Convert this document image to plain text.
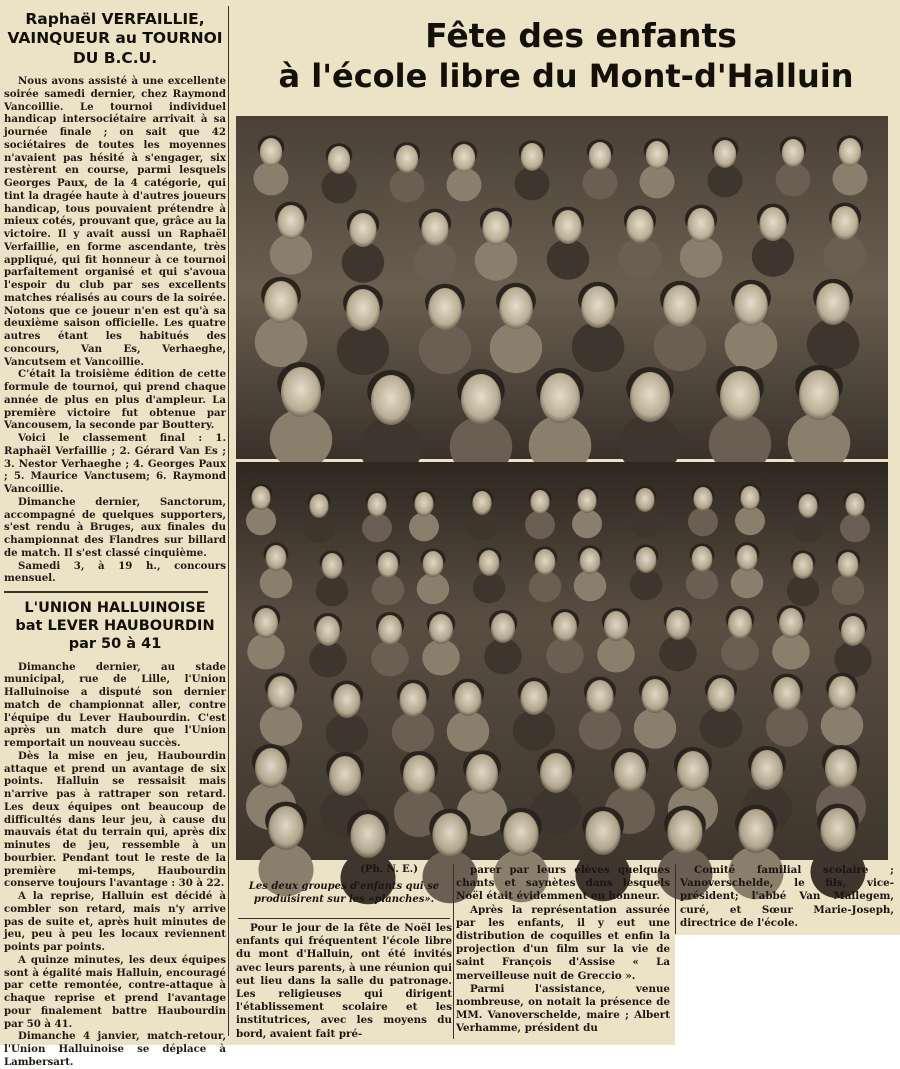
Raphaël VERFAILLIE,
VAINQUEUR au TOURNOI
DU B.C.U.

Nous avons assisté à une excellente soirée samedi dernier, chez Raymond Vancoillie. Le tournoi individuel handicap intersociétaire arrivait à sa journée finale ; on sait que 42 sociétaires de toutes les moyennes n'avaient pas hésité à s'engager, six restèrent en course, parmi lesquels Georges Paux, de la 4 catégorie, qui tint la dragée haute à d'autres joueurs handicap, tous pouvaient prétendre à mieux cotés, prouvant que, grâce au la victoire. Il y avait aussi un Raphaël Verfaillie, en forme ascendante, très appliqué, qui fit honneur à ce tournoi parfaitement organisé et qui s'avoua l'espoir du club par ses excellents matches réalisés au cours de la soirée. Notons que ce joueur n'en est qu'à sa deuxième saison officielle. Les quatre autres étant les habitués des concours, Van Es, Verhaeghe, Vancutsem et Vancoillie.

C'était la troisième édition de cette formule de tournoi, qui prend chaque année de plus en plus d'ampleur. La première victoire fut obtenue par Vancousem, la seconde par Bouttery.

Voici le classement final : 1. Raphaël Verfaillie ; 2. Gérard Van Es ; 3. Nestor Verhaeghe ; 4. Georges Paux ; 5. Maurice Vanctusem; 6. Raymond Vancoillie.

Dimanche dernier, Sanctorum, accompagné de quelques supporters, s'est rendu à Bruges, aux finales du championnat des Flandres sur billard de match. Il s'est classé cinquième.

Samedi 3, à 19 h., concours mensuel.

L'UNION HALLUINOISE
bat LEVER HAUBOURDIN
par 50 à 41

Dimanche dernier, au stade municipal, rue de Lille, l'Union Halluinoise a disputé son dernier match de championnat aller, contre l'équipe du Lever Haubourdin. C'est après un match dure que l'Union remportait un nouveau succès.

Dès la mise en jeu, Haubourdin attaque et prend un avantage de six points. Halluin se ressaisit mais n'arrive pas à rattraper son retard. Les deux équipes ont beaucoup de difficultés dans leur jeu, à cause du mauvais état du terrain qui, après dix minutes de jeu, ressemble à un bourbier. Pendant tout le reste de la première mi-temps, Haubourdin conserve toujours l'avantage : 30 à 22.

A la reprise, Halluin est décidé à combler son retard, mais n'y arrive pas de suite et, après huit minutes de jeu, peu à peu les locaux reviennent points par points.

A quinze minutes, les deux équipes sont à égalité mais Halluin, encouragé par cette remontée, contre-attaque à chaque reprise et prend l'avantage pour finalement battre Haubourdin par 50 à 41.

Dimanche 4 janvier, match-retour, l'Union Halluinoise se déplace à Lambersart.

Fête des enfants
à l'école libre du Mont-d'Halluin
(Ph. N. E.)
Les deux groupes d'enfants qui se produisirent sur les «planches».

Pour le jour de la fête de Noël les enfants qui fréquentent l'école libre du mont d'Halluin, ont été invités avec leurs parents, à une réunion qui eut lieu dans la salle du patronage. Les religieuses qui dirigent l'établissement scolaire et les institutrices, avec les moyens du bord, avaient fait pré-

parer par leurs élèves quelques chants et saynètes dans lesquels Noël était évidemment en honneur.

Après la représentation assurée par les enfants, il y eut une distribution de coquilles et enfin la projection d'un film sur la vie de saint François d'Assise « La merveilleuse nuit de Greccio ».

Parmi l'assistance, venue nombreuse, on notait la présence de MM. Vanoverschelde, maire ; Albert Verhamme, président du

Comité familial scolaire ; Vanoverschelde, le fils, vice-président; l'abbé Van Mallegem, curé, et Sœur Marie-Joseph, directrice de l'école.
